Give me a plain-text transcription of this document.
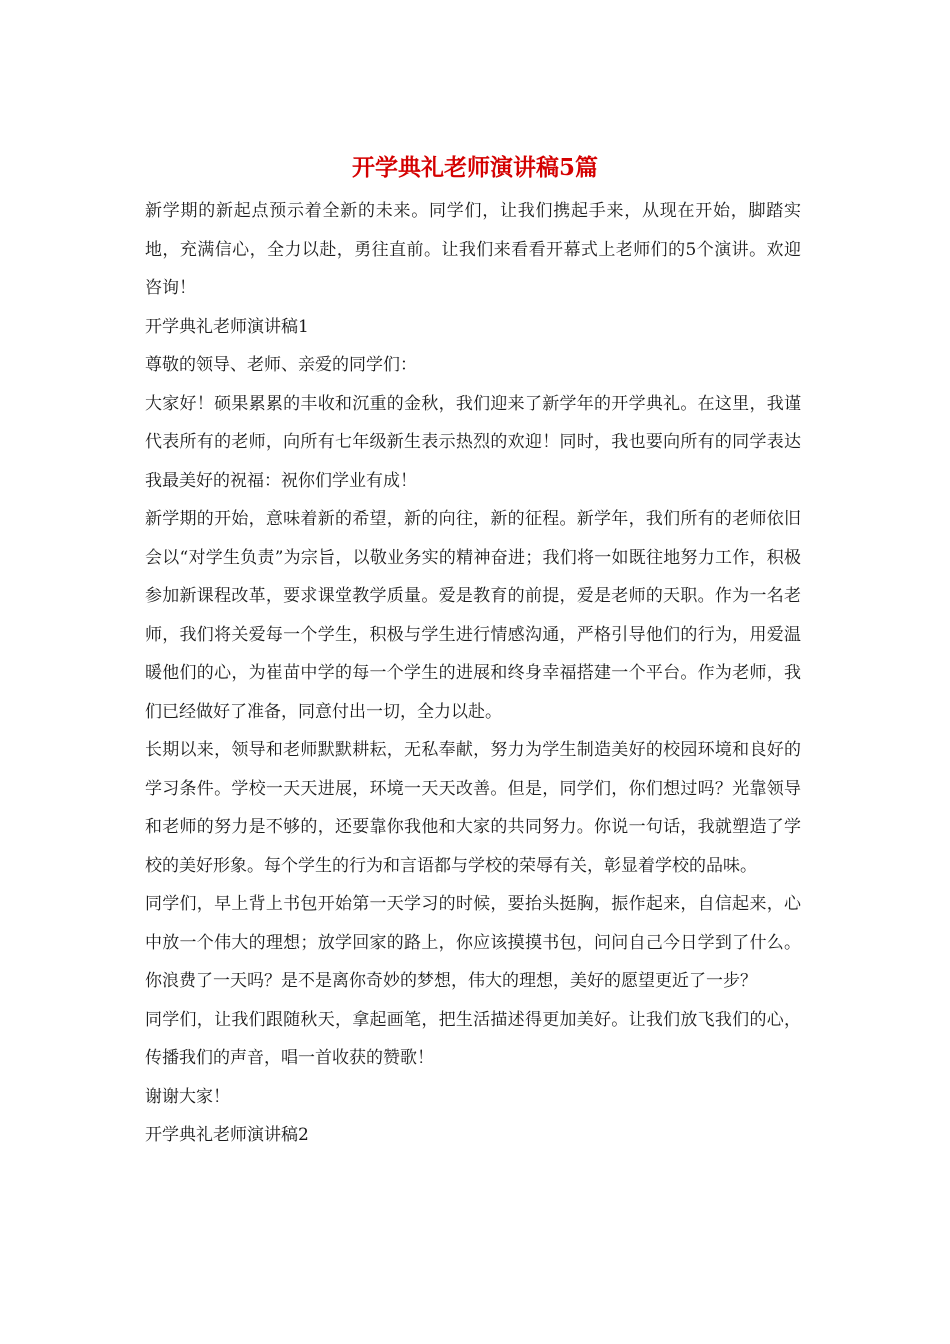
开学典礼老师演讲稿5篇

新学期的新起点预示着全新的未来。同学们，让我们携起手来，从现在开始，脚踏实地，充满信心，全力以赴，勇往直前。让我们来看看开幕式上老师们的5个演讲。欢迎咨询！

开学典礼老师演讲稿1

尊敬的领导、老师、亲爱的同学们：

大家好！硕果累累的丰收和沉重的金秋，我们迎来了新学年的开学典礼。在这里，我谨代表所有的老师，向所有七年级新生表示热烈的欢迎！同时，我也要向所有的同学表达我最美好的祝福：祝你们学业有成！

新学期的开始，意味着新的希望，新的向往，新的征程。新学年，我们所有的老师依旧会以“对学生负责”为宗旨，以敬业务实的精神奋进；我们将一如既往地努力工作，积极参加新课程改革，要求课堂教学质量。爱是教育的前提，爱是老师的天职。作为一名老师，我们将关爱每一个学生，积极与学生进行情感沟通，严格引导他们的行为，用爱温暖他们的心，为崔苗中学的每一个学生的进展和终身幸福搭建一个平台。作为老师，我们已经做好了准备，同意付出一切，全力以赴。

长期以来，领导和老师默默耕耘，无私奉献，努力为学生制造美好的校园环境和良好的学习条件。学校一天天进展，环境一天天改善。但是，同学们，你们想过吗？光靠领导和老师的努力是不够的，还要靠你我他和大家的共同努力。你说一句话，我就塑造了学校的美好形象。每个学生的行为和言语都与学校的荣辱有关，彰显着学校的品味。

同学们，早上背上书包开始第一天学习的时候，要抬头挺胸，振作起来，自信起来，心中放一个伟大的理想；放学回家的路上，你应该摸摸书包，问问自己今日学到了什么。你浪费了一天吗？是不是离你奇妙的梦想，伟大的理想，美好的愿望更近了一步？

同学们，让我们跟随秋天，拿起画笔，把生活描述得更加美好。让我们放飞我们的心，传播我们的声音，唱一首收获的赞歌！

谢谢大家！

开学典礼老师演讲稿2
